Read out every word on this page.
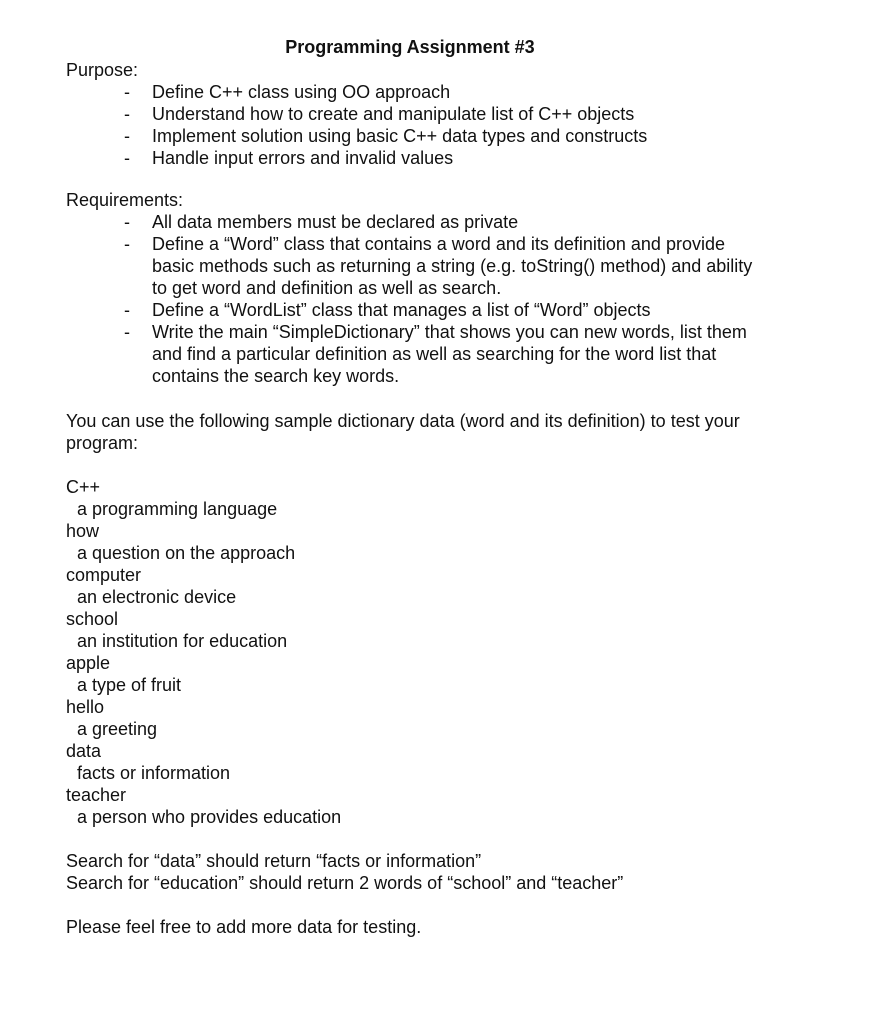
Programming Assignment #3
Purpose:
- Define C++ class using OO approach
- Understand how to create and manipulate list of C++ objects
- Implement solution using basic C++ data types and constructs
- Handle input errors and invalid values
Requirements:
- All data members must be declared as private
- Define a “Word” class that contains a word and its definition and provide basic methods such as returning a string (e.g. toString() method) and ability to get word and definition as well as search.
- Define a “WordList” class that manages a list of “Word” objects
- Write the main “SimpleDictionary” that shows you can new words, list them and find a particular definition as well as searching for the word list that contains the search key words.
You can use the following sample dictionary data (word and its definition) to test your program:
C++
a programming language
how
a question on the approach
computer
an electronic device
school
an institution for education
apple
a type of fruit
hello
a greeting
data
facts or information
teacher
a person who provides education
Search for “data” should return “facts or information”
Search for “education” should return 2 words of “school” and “teacher”
Please feel free to add more data for testing.
